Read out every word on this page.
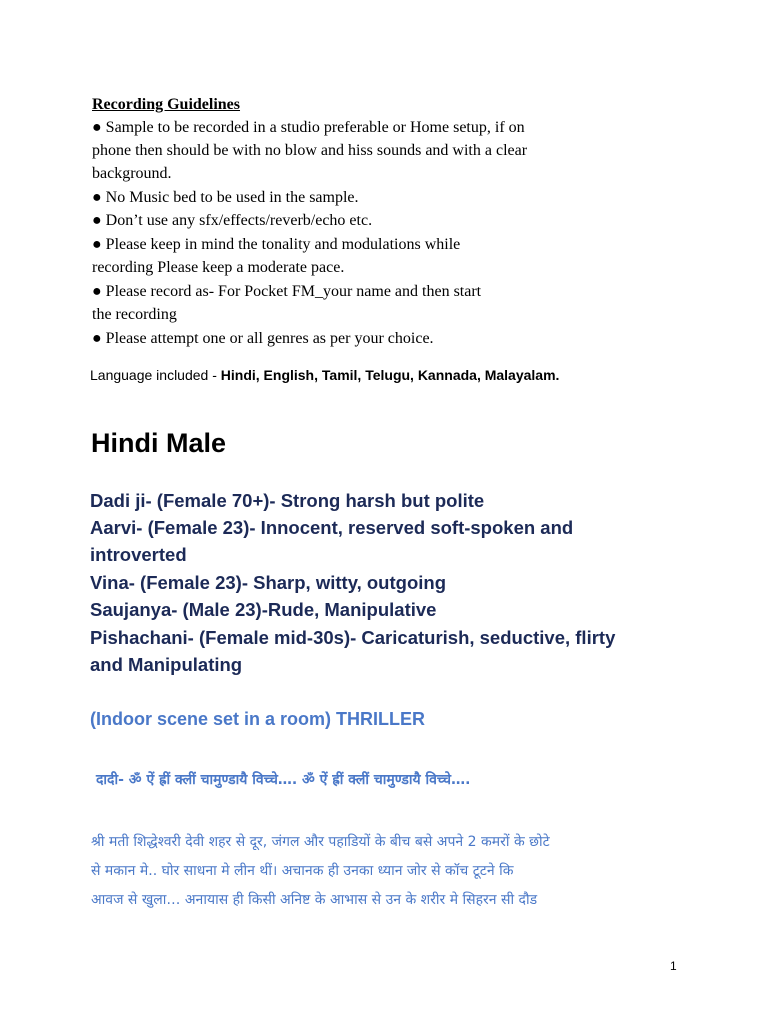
Recording Guidelines
● Sample to be recorded in a studio preferable or Home setup, if on
phone then should be with no blow and hiss sounds and with a clear
background.
● No Music bed to be used in the sample.
● Don’t use any sfx/effects/reverb/echo etc.
● Please keep in mind the tonality and modulations while
recording Please keep a moderate pace.
● Please record as- For Pocket FM_your name and then start
the recording
● Please attempt one or all genres as per your choice.
Language included - Hindi, English, Tamil, Telugu, Kannada, Malayalam.
Hindi Male
Dadi ji- (Female 70+)- Strong harsh but polite
Aarvi- (Female 23)- Innocent, reserved soft-spoken and
introverted
Vina- (Female 23)- Sharp, witty, outgoing
Saujanya- (Male 23)-Rude, Manipulative
Pishachani- (Female mid-30s)- Caricaturish, seductive, flirty
and Manipulating
(Indoor scene set in a room) THRILLER
दादी- ॐ ऐं ह्रीं क्लीं चामुण्डायै विच्चे…. ॐ ऐं ह्रीं क्लीं चामुण्डायै विच्चे….
श्री मती शिद्धेश्वरी देवी शहर से दूर, जंगल और पहाडियों के बीच बसे अपने 2 कमरों के छोटे
से मकान मे.. घोर साधना मे लीन थीं। अचानक ही उनका ध्यान जोर से कॉच टूटने कि
आवज से खुला… अनायास ही किसी अनिष्ट के आभास से उन के शरीर मे सिहरन सी दौड
1
